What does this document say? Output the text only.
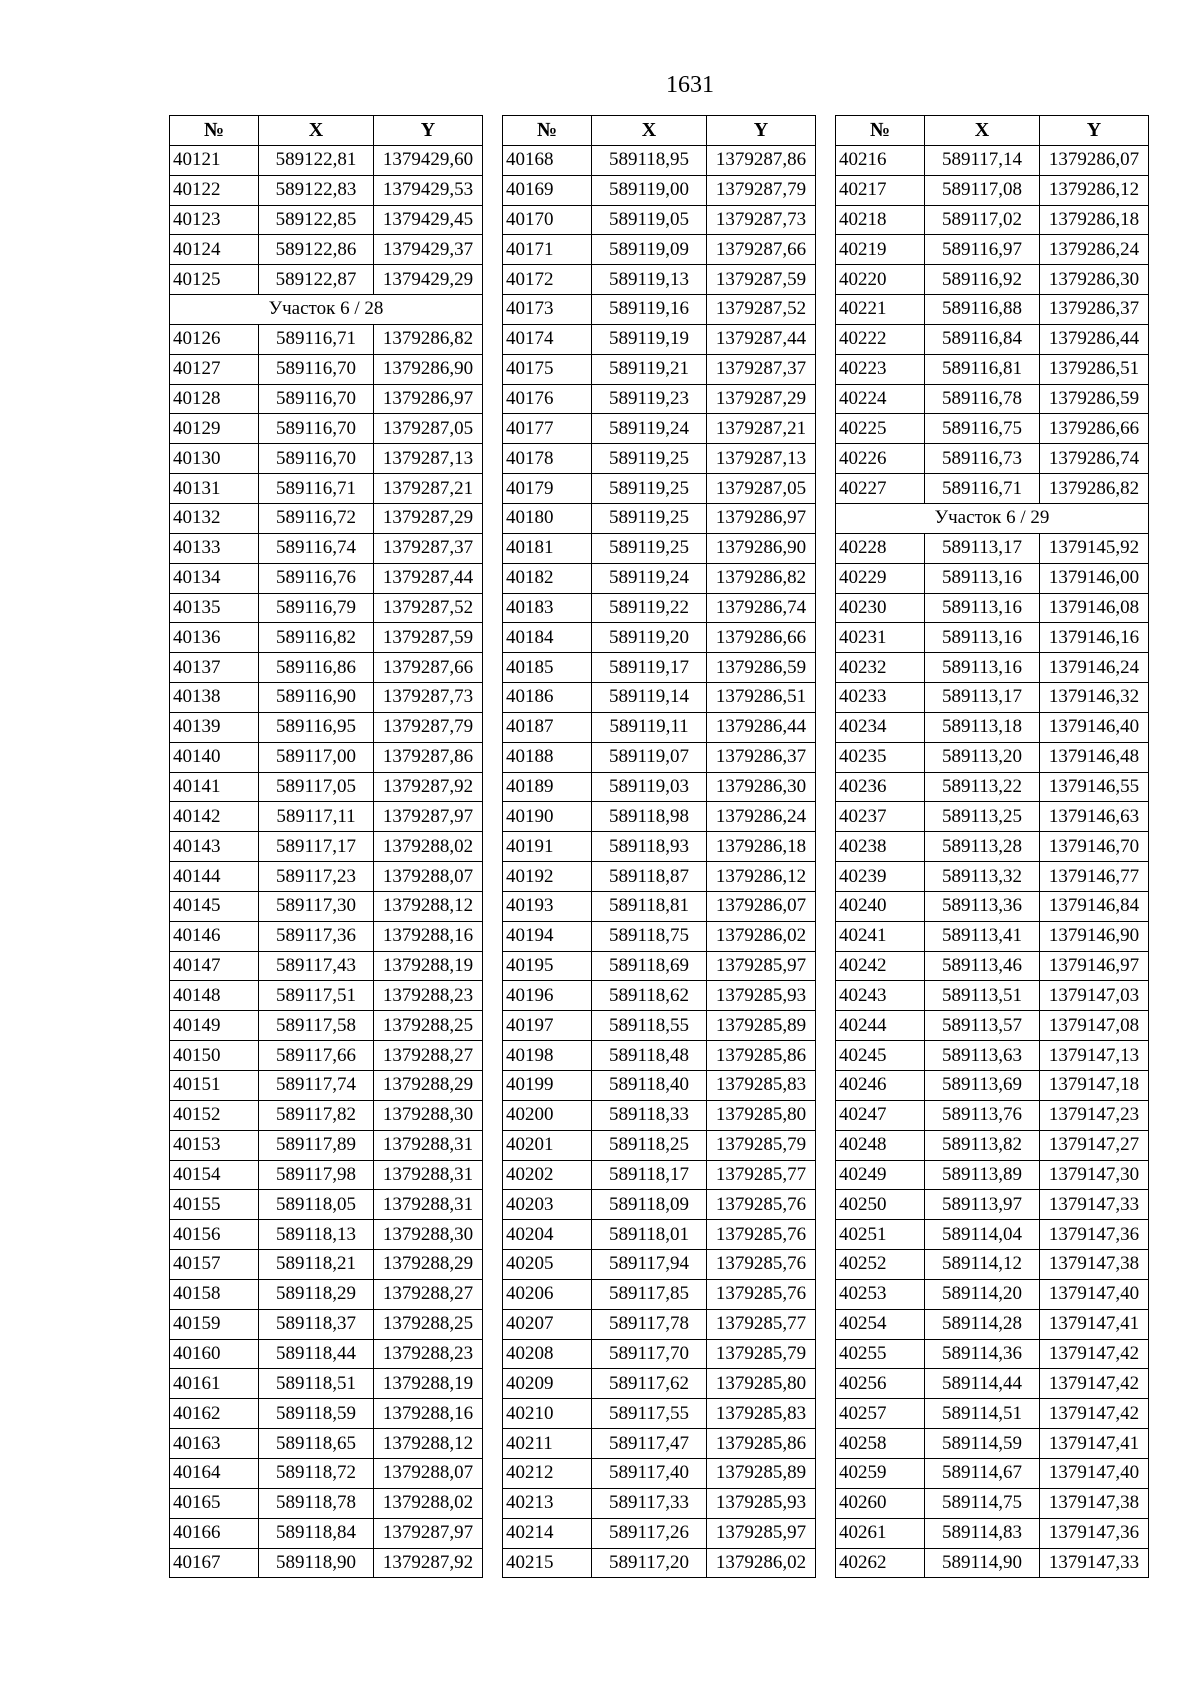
1631
№	X	Y
40121	589122,81	1379429,60
40122	589122,83	1379429,53
40123	589122,85	1379429,45
40124	589122,86	1379429,37
40125	589122,87	1379429,29
Участок 6 / 28		
40126	589116,71	1379286,82
40127	589116,70	1379286,90
40128	589116,70	1379286,97
40129	589116,70	1379287,05
40130	589116,70	1379287,13
40131	589116,71	1379287,21
40132	589116,72	1379287,29
40133	589116,74	1379287,37
40134	589116,76	1379287,44
40135	589116,79	1379287,52
40136	589116,82	1379287,59
40137	589116,86	1379287,66
40138	589116,90	1379287,73
40139	589116,95	1379287,79
40140	589117,00	1379287,86
40141	589117,05	1379287,92
40142	589117,11	1379287,97
40143	589117,17	1379288,02
40144	589117,23	1379288,07
40145	589117,30	1379288,12
40146	589117,36	1379288,16
40147	589117,43	1379288,19
40148	589117,51	1379288,23
40149	589117,58	1379288,25
40150	589117,66	1379288,27
40151	589117,74	1379288,29
40152	589117,82	1379288,30
40153	589117,89	1379288,31
40154	589117,98	1379288,31
40155	589118,05	1379288,31
40156	589118,13	1379288,30
40157	589118,21	1379288,29
40158	589118,29	1379288,27
40159	589118,37	1379288,25
40160	589118,44	1379288,23
40161	589118,51	1379288,19
40162	589118,59	1379288,16
40163	589118,65	1379288,12
40164	589118,72	1379288,07
40165	589118,78	1379288,02
40166	589118,84	1379287,97
40167	589118,90	1379287,92
№	X	Y
40168	589118,95	1379287,86
40169	589119,00	1379287,79
40170	589119,05	1379287,73
40171	589119,09	1379287,66
40172	589119,13	1379287,59
40173	589119,16	1379287,52
40174	589119,19	1379287,44
40175	589119,21	1379287,37
40176	589119,23	1379287,29
40177	589119,24	1379287,21
40178	589119,25	1379287,13
40179	589119,25	1379287,05
40180	589119,25	1379286,97
40181	589119,25	1379286,90
40182	589119,24	1379286,82
40183	589119,22	1379286,74
40184	589119,20	1379286,66
40185	589119,17	1379286,59
40186	589119,14	1379286,51
40187	589119,11	1379286,44
40188	589119,07	1379286,37
40189	589119,03	1379286,30
40190	589118,98	1379286,24
40191	589118,93	1379286,18
40192	589118,87	1379286,12
40193	589118,81	1379286,07
40194	589118,75	1379286,02
40195	589118,69	1379285,97
40196	589118,62	1379285,93
40197	589118,55	1379285,89
40198	589118,48	1379285,86
40199	589118,40	1379285,83
40200	589118,33	1379285,80
40201	589118,25	1379285,79
40202	589118,17	1379285,77
40203	589118,09	1379285,76
40204	589118,01	1379285,76
40205	589117,94	1379285,76
40206	589117,85	1379285,76
40207	589117,78	1379285,77
40208	589117,70	1379285,79
40209	589117,62	1379285,80
40210	589117,55	1379285,83
40211	589117,47	1379285,86
40212	589117,40	1379285,89
40213	589117,33	1379285,93
40214	589117,26	1379285,97
40215	589117,20	1379286,02
№	X	Y
40216	589117,14	1379286,07
40217	589117,08	1379286,12
40218	589117,02	1379286,18
40219	589116,97	1379286,24
40220	589116,92	1379286,30
40221	589116,88	1379286,37
40222	589116,84	1379286,44
40223	589116,81	1379286,51
40224	589116,78	1379286,59
40225	589116,75	1379286,66
40226	589116,73	1379286,74
40227	589116,71	1379286,82
Участок 6 / 29		
40228	589113,17	1379145,92
40229	589113,16	1379146,00
40230	589113,16	1379146,08
40231	589113,16	1379146,16
40232	589113,16	1379146,24
40233	589113,17	1379146,32
40234	589113,18	1379146,40
40235	589113,20	1379146,48
40236	589113,22	1379146,55
40237	589113,25	1379146,63
40238	589113,28	1379146,70
40239	589113,32	1379146,77
40240	589113,36	1379146,84
40241	589113,41	1379146,90
40242	589113,46	1379146,97
40243	589113,51	1379147,03
40244	589113,57	1379147,08
40245	589113,63	1379147,13
40246	589113,69	1379147,18
40247	589113,76	1379147,23
40248	589113,82	1379147,27
40249	589113,89	1379147,30
40250	589113,97	1379147,33
40251	589114,04	1379147,36
40252	589114,12	1379147,38
40253	589114,20	1379147,40
40254	589114,28	1379147,41
40255	589114,36	1379147,42
40256	589114,44	1379147,42
40257	589114,51	1379147,42
40258	589114,59	1379147,41
40259	589114,67	1379147,40
40260	589114,75	1379147,38
40261	589114,83	1379147,36
40262	589114,90	1379147,33
